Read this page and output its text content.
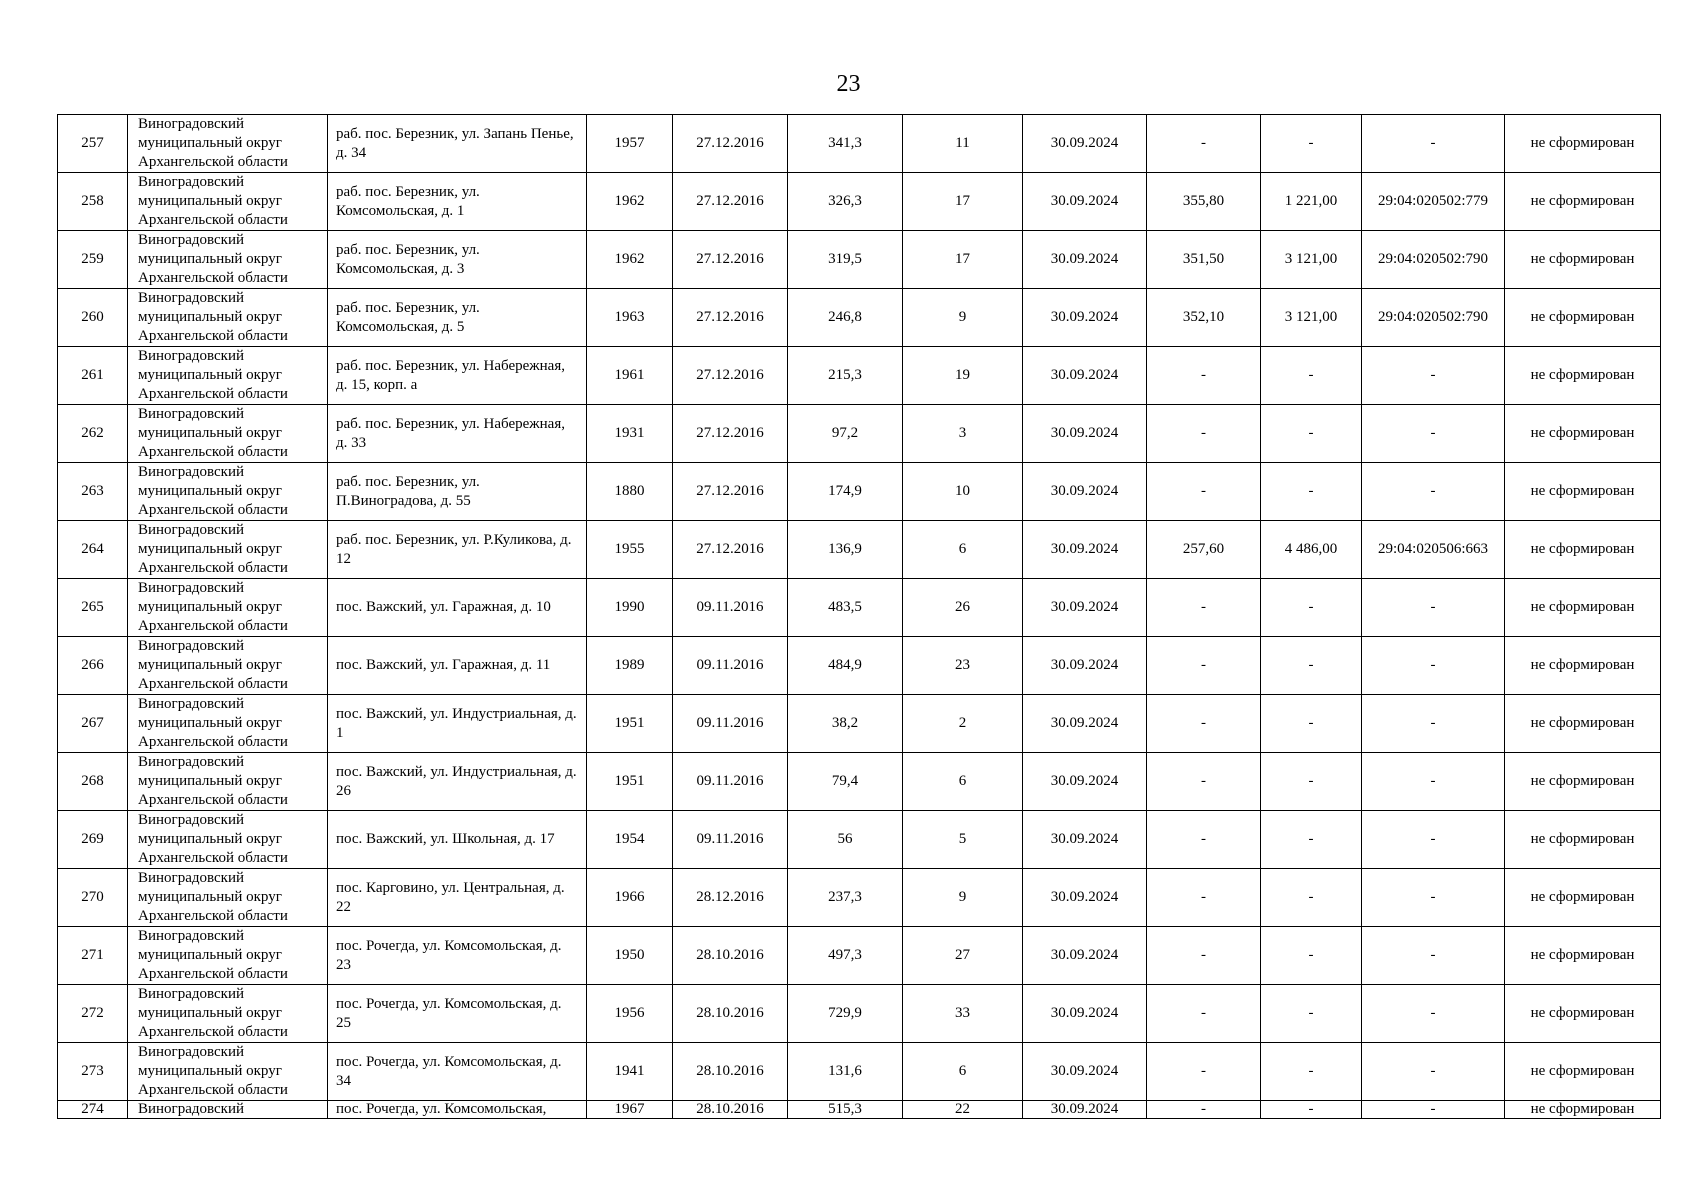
23
257	Виноградовский
муниципальный округ
Архангельской области	раб. пос. Березник, ул. Запань Пенье, д. 34	1957	27.12.2016	341,3	11	30.09.2024	-	-	-	не сформирован
258	Виноградовский
муниципальный округ
Архангельской области	раб. пос. Березник, ул. Комсомольская, д. 1	1962	27.12.2016	326,3	17	30.09.2024	355,80	1 221,00	29:04:020502:779	не сформирован
259	Виноградовский
муниципальный округ
Архангельской области	раб. пос. Березник, ул. Комсомольская, д. 3	1962	27.12.2016	319,5	17	30.09.2024	351,50	3 121,00	29:04:020502:790	не сформирован
260	Виноградовский
муниципальный округ
Архангельской области	раб. пос. Березник, ул. Комсомольская, д. 5	1963	27.12.2016	246,8	9	30.09.2024	352,10	3 121,00	29:04:020502:790	не сформирован
261	Виноградовский
муниципальный округ
Архангельской области	раб. пос. Березник, ул. Набережная, д. 15, корп. а	1961	27.12.2016	215,3	19	30.09.2024	-	-	-	не сформирован
262	Виноградовский
муниципальный округ
Архангельской области	раб. пос. Березник, ул. Набережная, д. 33	1931	27.12.2016	97,2	3	30.09.2024	-	-	-	не сформирован
263	Виноградовский
муниципальный округ
Архангельской области	раб. пос. Березник, ул. П.Виноградова, д. 55	1880	27.12.2016	174,9	10	30.09.2024	-	-	-	не сформирован
264	Виноградовский
муниципальный округ
Архангельской области	раб. пос. Березник, ул. Р.Куликова, д. 12	1955	27.12.2016	136,9	6	30.09.2024	257,60	4 486,00	29:04:020506:663	не сформирован
265	Виноградовский
муниципальный округ
Архангельской области	пос. Важский, ул. Гаражная, д. 10	1990	09.11.2016	483,5	26	30.09.2024	-	-	-	не сформирован
266	Виноградовский
муниципальный округ
Архангельской области	пос. Важский, ул. Гаражная, д. 11	1989	09.11.2016	484,9	23	30.09.2024	-	-	-	не сформирован
267	Виноградовский
муниципальный округ
Архангельской области	пос. Важский, ул. Индустриальная, д. 1	1951	09.11.2016	38,2	2	30.09.2024	-	-	-	не сформирован
268	Виноградовский
муниципальный округ
Архангельской области	пос. Важский, ул. Индустриальная, д. 26	1951	09.11.2016	79,4	6	30.09.2024	-	-	-	не сформирован
269	Виноградовский
муниципальный округ
Архангельской области	пос. Важский, ул. Школьная, д. 17	1954	09.11.2016	56	5	30.09.2024	-	-	-	не сформирован
270	Виноградовский
муниципальный округ
Архангельской области	пос. Карговино, ул. Центральная, д. 22	1966	28.12.2016	237,3	9	30.09.2024	-	-	-	не сформирован
271	Виноградовский
муниципальный округ
Архангельской области	пос. Рочегда, ул. Комсомольская, д. 23	1950	28.10.2016	497,3	27	30.09.2024	-	-	-	не сформирован
272	Виноградовский
муниципальный округ
Архангельской области	пос. Рочегда, ул. Комсомольская, д. 25	1956	28.10.2016	729,9	33	30.09.2024	-	-	-	не сформирован
273	Виноградовский
муниципальный округ
Архангельской области	пос. Рочегда, ул. Комсомольская, д. 34	1941	28.10.2016	131,6	6	30.09.2024	-	-	-	не сформирован
274	Виноградовский	пос. Рочегда, ул. Комсомольская,	1967	28.10.2016	515,3	22	30.09.2024	-	-	-	не сформирован
